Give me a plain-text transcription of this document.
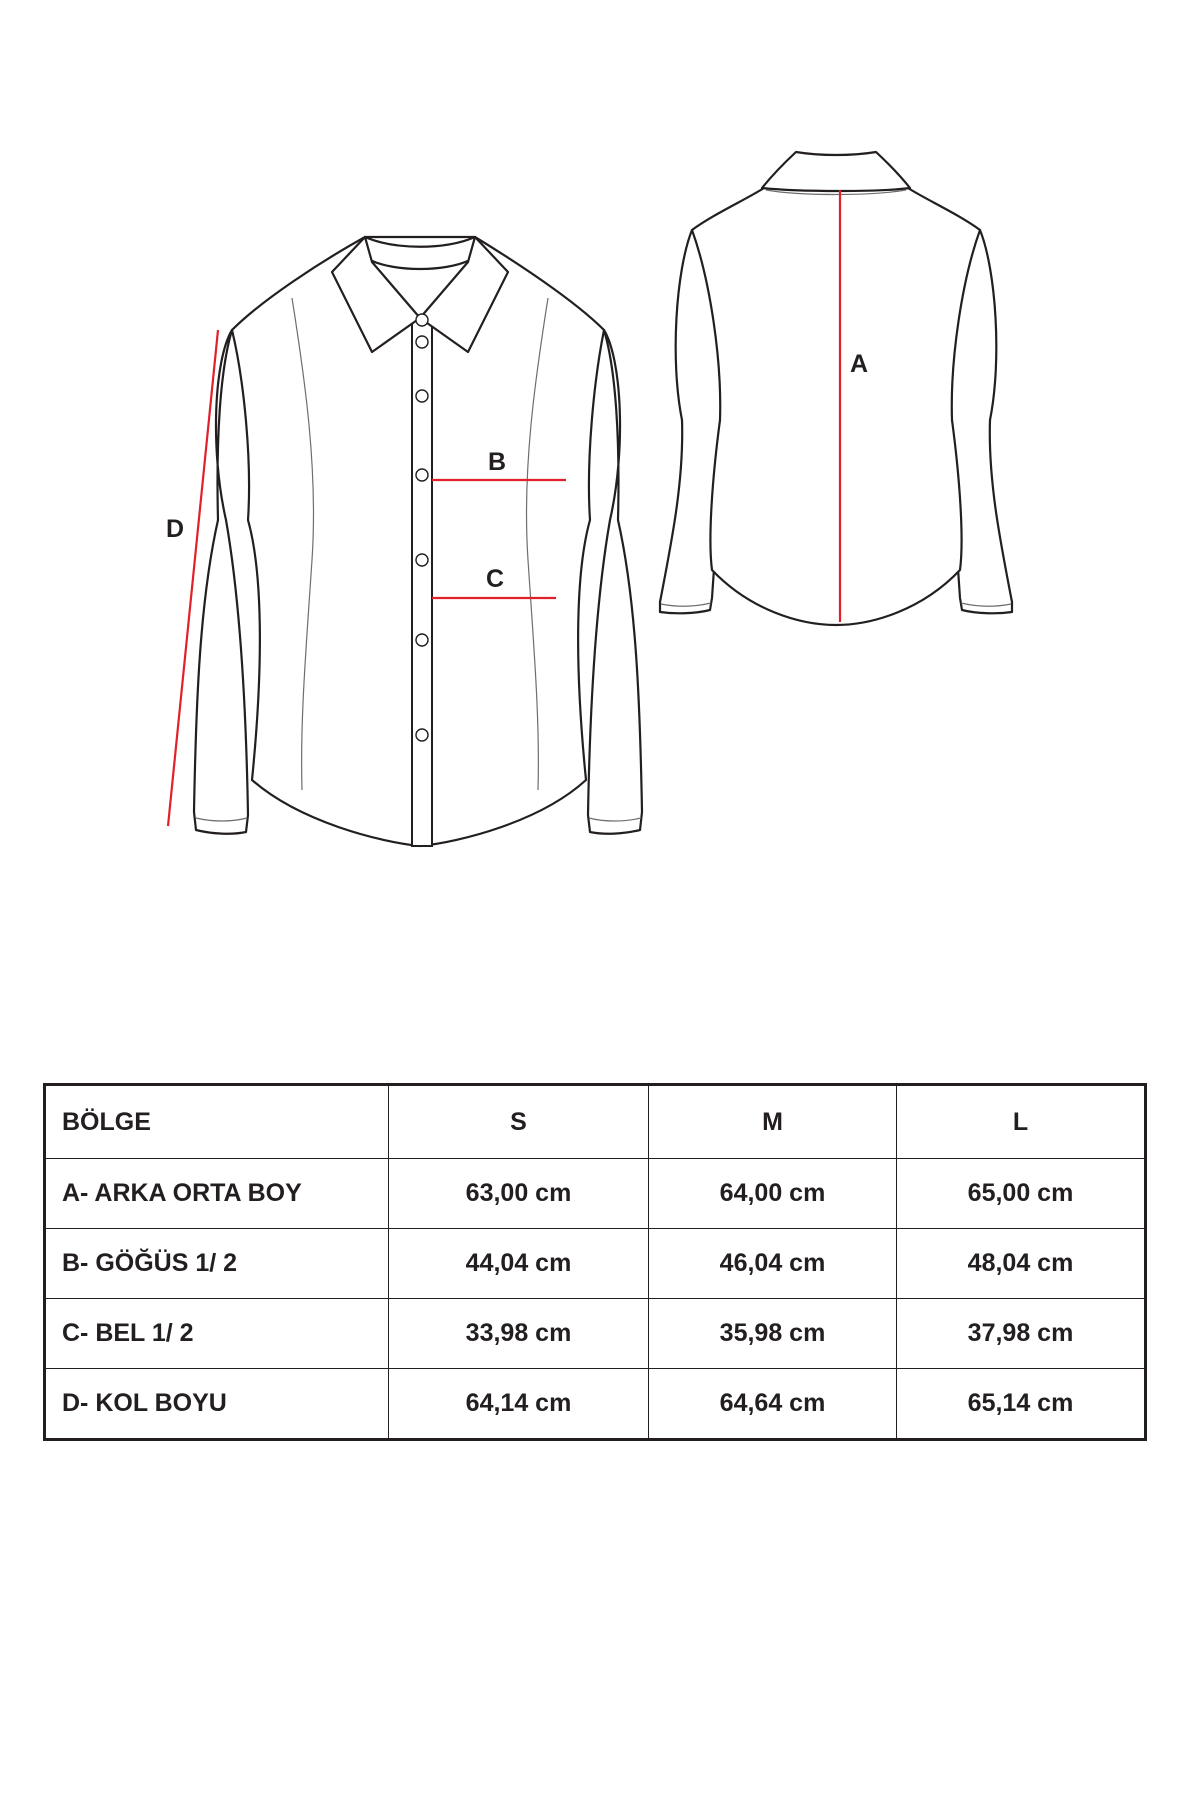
D
B
C
A
BÖLGE	S	M	L
A- ARKA ORTA BOY	63,00 cm	64,00 cm	65,00 cm
B- GÖĞÜS 1/ 2	44,04 cm	46,04 cm	48,04 cm
C- BEL 1/ 2	33,98 cm	35,98 cm	37,98 cm
D- KOL BOYU	64,14 cm	64,64 cm	65,14 cm
